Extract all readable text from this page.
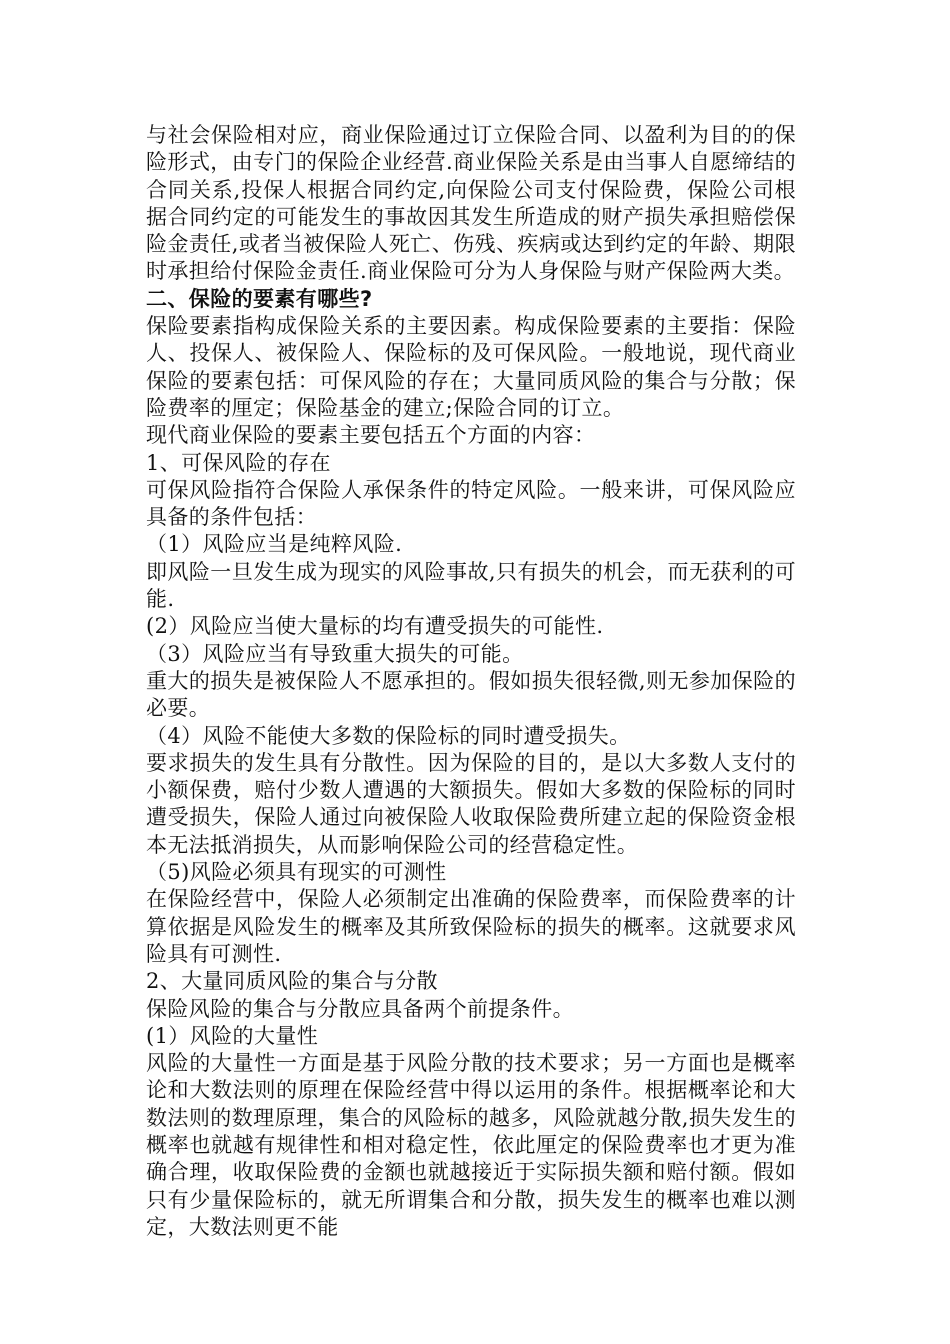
与社会保险相对应，商业保险通过订立保险合同、以盈利为目的的保险形式，由专门的保险企业经营.商业保险关系是由当事人自愿缔结的合同关系,投保人根据合同约定,向保险公司支付保险费，保险公司根据合同约定的可能发生的事故因其发生所造成的财产损失承担赔偿保险金责任,或者当被保险人死亡、伤残、疾病或达到约定的年龄、期限时承担给付保险金责任.商业保险可分为人身保险与财产保险两大类。

二、保险的要素有哪些?

保险要素指构成保险关系的主要因素。构成保险要素的主要指：保险人、投保人、被保险人、保险标的及可保风险。一般地说，现代商业保险的要素包括：可保风险的存在；大量同质风险的集合与分散；保险费率的厘定；保险基金的建立;保险合同的订立。

现代商业保险的要素主要包括五个方面的内容：

1、可保风险的存在

可保风险指符合保险人承保条件的特定风险。一般来讲，可保风险应具备的条件包括：

（1）风险应当是纯粹风险.

即风险一旦发生成为现实的风险事故,只有损失的机会，而无获利的可能.

(2）风险应当使大量标的均有遭受损失的可能性.

（3）风险应当有导致重大损失的可能。

重大的损失是被保险人不愿承担的。假如损失很轻微,则无参加保险的必要。

（4）风险不能使大多数的保险标的同时遭受损失。

要求损失的发生具有分散性。因为保险的目的，是以大多数人支付的小额保费，赔付少数人遭遇的大额损失。假如大多数的保险标的同时遭受损失，保险人通过向被保险人收取保险费所建立起的保险资金根本无法抵消损失，从而影响保险公司的经营稳定性。

（5)风险必须具有现实的可测性

在保险经营中，保险人必须制定出准确的保险费率，而保险费率的计算依据是风险发生的概率及其所致保险标的损失的概率。这就要求风险具有可测性.

2、大量同质风险的集合与分散

保险风险的集合与分散应具备两个前提条件。

(1）风险的大量性

风险的大量性一方面是基于风险分散的技术要求；另一方面也是概率论和大数法则的原理在保险经营中得以运用的条件。根据概率论和大数法则的数理原理，集合的风险标的越多，风险就越分散,损失发生的概率也就越有规律性和相对稳定性，依此厘定的保险费率也才更为准确合理，收取保险费的金额也就越接近于实际损失额和赔付额。假如只有少量保险标的，就无所谓集合和分散，损失发生的概率也难以测定，大数法则更不能
